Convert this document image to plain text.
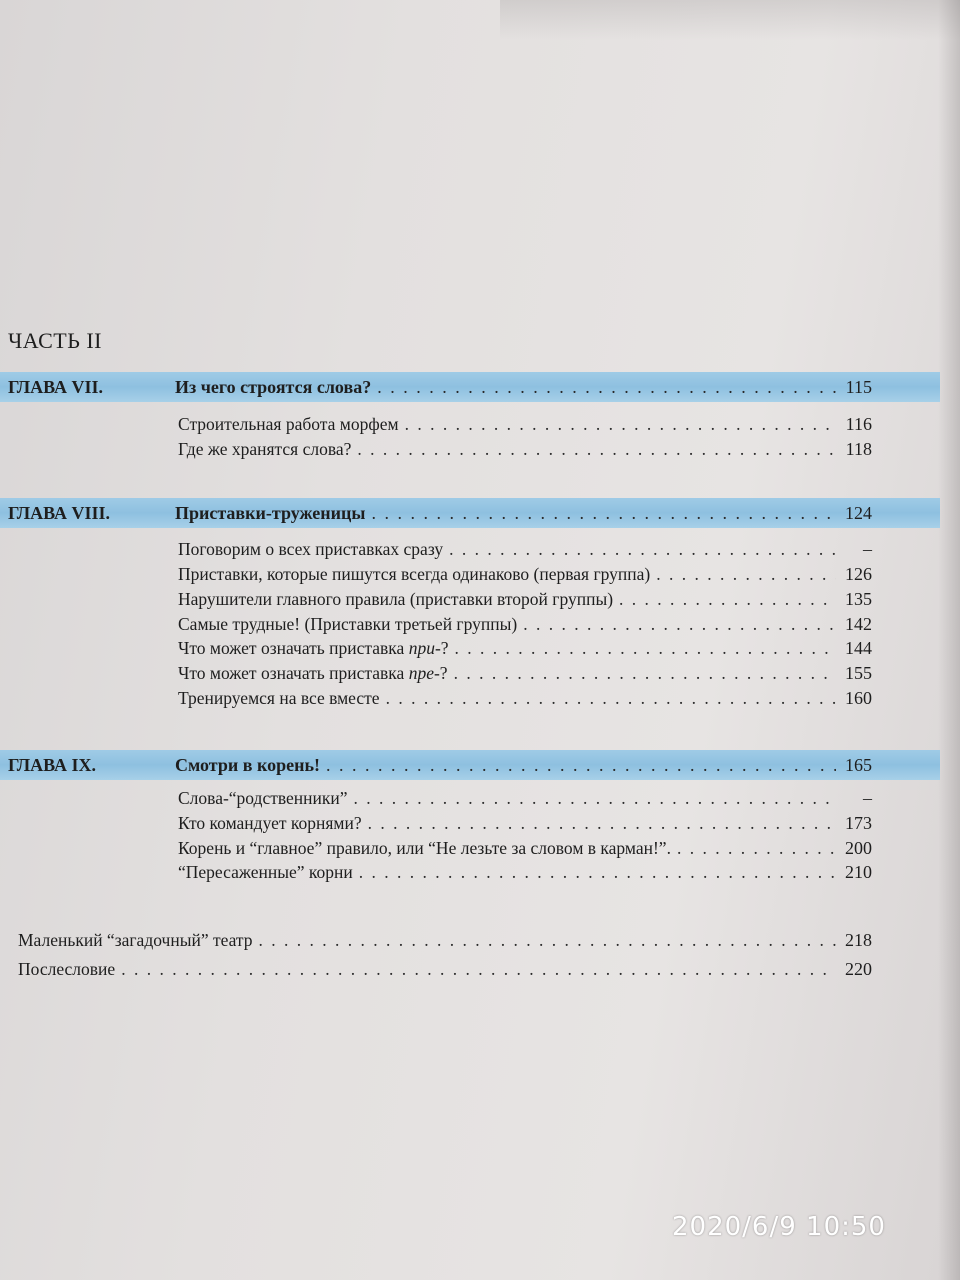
ЧАСТЬ II
ГЛАВА VII.	Из чего строятся слова? . . .	115
Строительная работа морфем . . .	116
Где же хранятся слова? . . .	118
ГЛАВА VIII.	Приставки-труженицы . . .	124
Поговорим о всех приставках сразу . . .	–
Приставки, которые пишутся всегда одинаково (первая группа) . . .	126
Нарушители главного правила (приставки второй группы) . . .	135
Самые трудные! (Приставки третьей группы) . . .	142
Что может означать приставка при-? . . .	144
Что может означать приставка пре-? . . .	155
Тренируемся на все вместе . . .	160
ГЛАВА IX.	Смотри в корень! . . .	165
Слова-“родственники” . . .	–
Кто командует корнями? . . .	173
Корень и “главное” правило, или “Не лезьте за словом в карман!”. . . .	200
“Пересаженные” корни . . .	210
Маленький “загадочный” театр . . .	218
Послесловие . . .	220
2020/6/9 10:50
